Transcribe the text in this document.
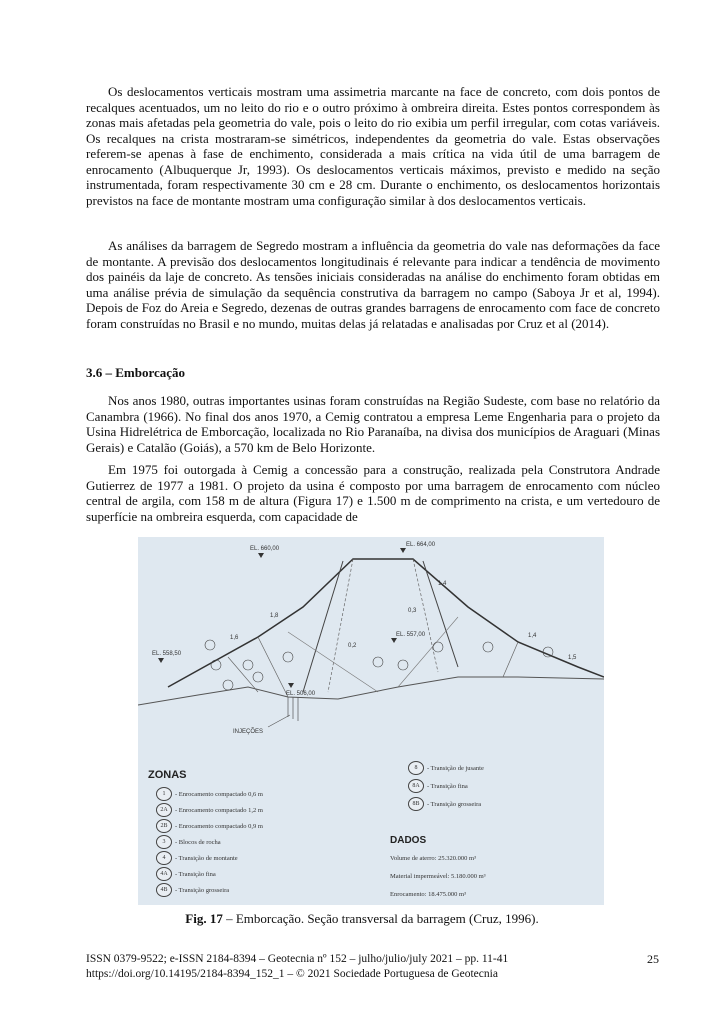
Os deslocamentos verticais mostram uma assimetria marcante na face de concreto, com dois pontos de recalques acentuados, um no leito do rio e o outro próximo à ombreira direita. Estes pontos correspondem às zonas mais afetadas pela geometria do vale, pois o leito do rio exibia um perfil irregular, com cotas variáveis. Os recalques na crista mostraram-se simétricos, independentes da geometria do vale. Estas observações referem-se apenas à fase de enchimento, considerada a mais crítica na vida útil de uma barragem de enrocamento (Albuquerque Jr, 1993). Os deslocamentos verticais máximos, previsto e medido na seção instrumentada, foram respectivamente 30 cm e 28 cm. Durante o enchimento, os deslocamentos horizontais previstos na face de montante mostram uma configuração similar à dos deslocamentos verticais.

As análises da barragem de Segredo mostram a influência da geometria do vale nas deformações da face de montante. A previsão dos deslocamentos longitudinais é relevante para indicar a tendência de movimento dos painéis da laje de concreto. As tensões iniciais consideradas na análise do enchimento foram obtidas em uma análise prévia de simulação da sequência construtiva da barragem no campo (Saboya Jr et al, 1994). Depois de Foz do Areia e Segredo, dezenas de outras grandes barragens de enrocamento com face de concreto foram construídas no Brasil e no mundo, muitas delas já relatadas e analisadas por Cruz et al (2014).

3.6 – Emborcação

Nos anos 1980, outras importantes usinas foram construídas na Região Sudeste, com base no relatório da Canambra (1966). No final dos anos 1970, a Cemig contratou a empresa Leme Engenharia para o projeto da Usina Hidrelétrica de Emborcação, localizada no Rio Paranaíba, na divisa dos municípios de Araguari (Minas Gerais) e Catalão (Goiás), a 570 km de Belo Horizonte.

Em 1975 foi outorgada à Cemig a concessão para a construção, realizada pela Construtora Andrade Gutierrez de 1977 a 1981. O projeto da usina é composto por uma barragem de enrocamento com núcleo central de argila, com 158 m de altura (Figura 17) e 1.500 m de comprimento na crista, e um vertedouro de superfície na ombreira esquerda, com capacidade de

INJEÇÕES
EL. 660,00
EL. 664,00
EL. 558,50
EL. 557,00
EL. 506,00
1,4
1,4
1,5
1,8
1,6
0,3
0,2
ZONAS
1	- Enrocamento compactado 0,6 m
2A	- Enrocamento compactado 1,2 m
2B	- Enrocamento compactado 0,9 m
3	- Blocos de rocha
4	- Transição de montante
4A	- Transição fina
4B	- Transição grosseira
8	- Transição de jusante
8A	- Transição fina
8B	- Transição grosseira
DADOS
Volume de aterro: 25.320.000 m³
Material impermeável: 5.180.000 m³
Enrocamento: 18.475.000 m³

Fig. 17 – Emborcação. Seção transversal da barragem (Cruz, 1996).

ISSN 0379-9522; e-ISSN 2184-8394 – Geotecnia nº 152 – julho/julio/july 2021 – pp. 11-41
https://doi.org/10.14195/2184-8394_152_1 – © 2021 Sociedade Portuguesa de Geotecnia

25
